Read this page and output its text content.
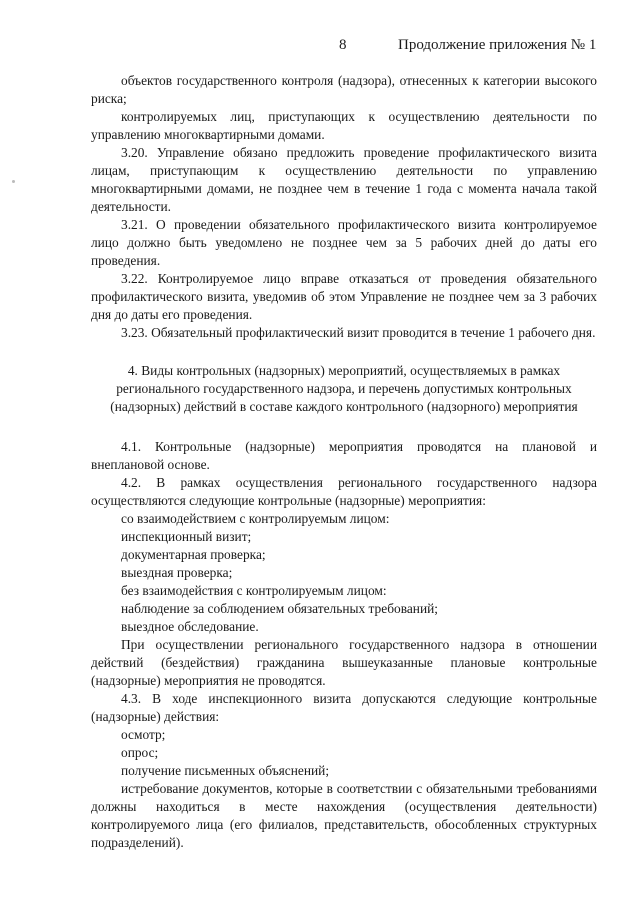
8	Продолжение приложения № 1

объектов государственного контроля (надзора), отнесенных к категории высокого риска;

контролируемых лиц, приступающих к осуществлению деятельности по управлению многоквартирными домами.

3.20. Управление обязано предложить проведение профилактического визита лицам, приступающим к осуществлению деятельности по управлению многоквартирными домами, не позднее чем в течение 1 года с момента начала такой деятельности.

3.21. О проведении обязательного профилактического визита контролируемое лицо должно быть уведомлено не позднее чем за 5 рабочих дней до даты его проведения.

3.22. Контролируемое лицо вправе отказаться от проведения обязательного профилактического визита, уведомив об этом Управление не позднее чем за 3 рабочих дня до даты его проведения.

3.23. Обязательный профилактический визит проводится в течение 1 рабочего дня.

4. Виды контрольных (надзорных) мероприятий, осуществляемых в рамках регионального государственного надзора, и перечень допустимых контрольных (надзорных) действий в составе каждого контрольного (надзорного) мероприятия

4.1. Контрольные (надзорные) мероприятия проводятся на плановой и внеплановой основе.

4.2. В рамках осуществления регионального государственного надзора осуществляются следующие контрольные (надзорные) мероприятия:

со взаимодействием с контролируемым лицом:

инспекционный визит;

документарная проверка;

выездная проверка;

без взаимодействия с контролируемым лицом:

наблюдение за соблюдением обязательных требований;

выездное обследование.

При осуществлении регионального государственного надзора в отношении действий (бездействия) гражданина вышеуказанные плановые контрольные (надзорные) мероприятия не проводятся.

4.3. В ходе инспекционного визита допускаются следующие контрольные (надзорные) действия:

осмотр;

опрос;

получение письменных объяснений;

истребование документов, которые в соответствии с обязательными требованиями должны находиться в месте нахождения (осуществления деятельности) контролируемого лица (его филиалов, представительств, обособленных структурных подразделений).
